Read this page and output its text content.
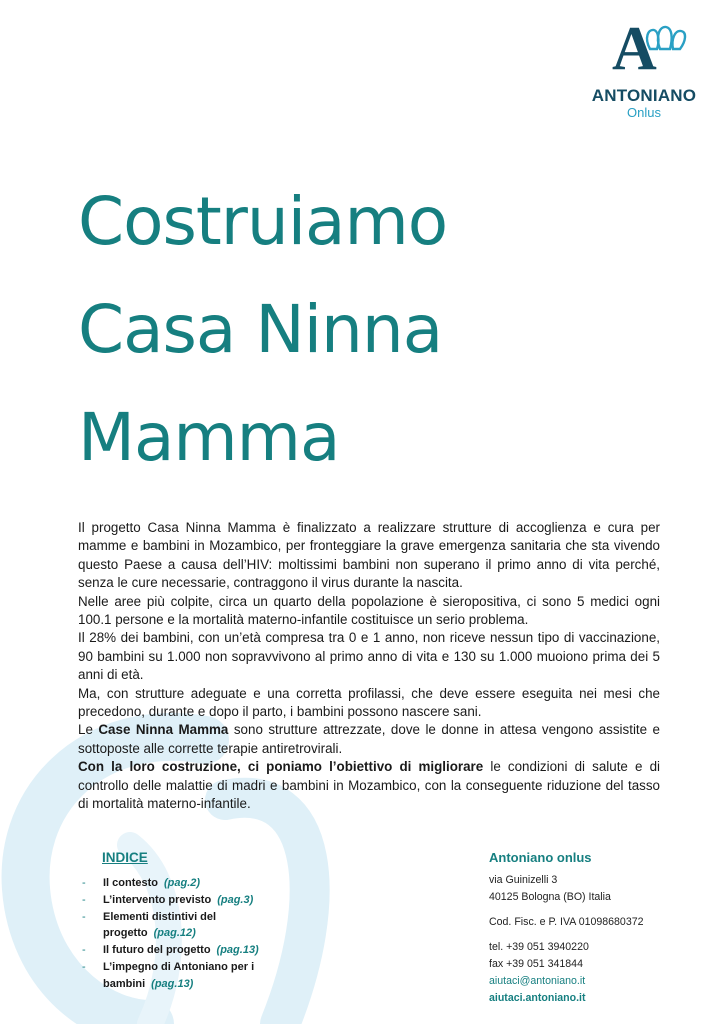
A
ANTONIANO
Onlus
Costruiamo
Casa Ninna
Mamma

Il progetto Casa Ninna Mamma è finalizzato a realizzare strutture di accoglienza e cura per mamme e bambini in Mozambico, per fronteggiare la grave emergenza sanitaria che sta vivendo questo Paese a causa dell’HIV: moltissimi bambini non superano il primo anno di vita perché, senza le cure necessarie, contraggono il virus durante la nascita.

Nelle aree più colpite, circa un quarto della popolazione è sieropositiva, ci sono 5 medici ogni 100.1 persone e la mortalità materno-infantile costituisce un serio problema.

Il 28% dei bambini, con un’età compresa tra 0 e 1 anno, non riceve nessun tipo di vaccinazione, 90 bambini su 1.000 non sopravvivono al primo anno di vita e 130 su 1.000 muoiono prima dei 5 anni di età.

Ma, con strutture adeguate e una corretta profilassi, che deve essere eseguita nei mesi che precedono, durante e dopo il parto, i bambini possono nascere sani.

Le Case Ninna Mamma sono strutture attrezzate, dove le donne in attesa vengono assistite e sottoposte alle corrette terapie antiretrovirali.

Con la loro costruzione, ci poniamo l’obiettivo di migliorare le condizioni di salute e di controllo delle malattie di madri e bambini in Mozambico, con la conseguente riduzione del tasso di mortalità materno-infantile.

INDICE
- Il contesto (pag.2)
- L’intervento previsto (pag.3)
- Elementi distintivi del progetto (pag.12)
- Il futuro del progetto (pag.13)
- L’impegno di Antoniano per i bambini (pag.13)
Antoniano onlus
via Guinizelli 3
40125 Bologna (BO) Italia
Cod. Fisc. e P. IVA 01098680372
tel. +39 051 3940220
fax +39 051 341844
aiutaci@antoniano.it
aiutaci.antoniano.it
